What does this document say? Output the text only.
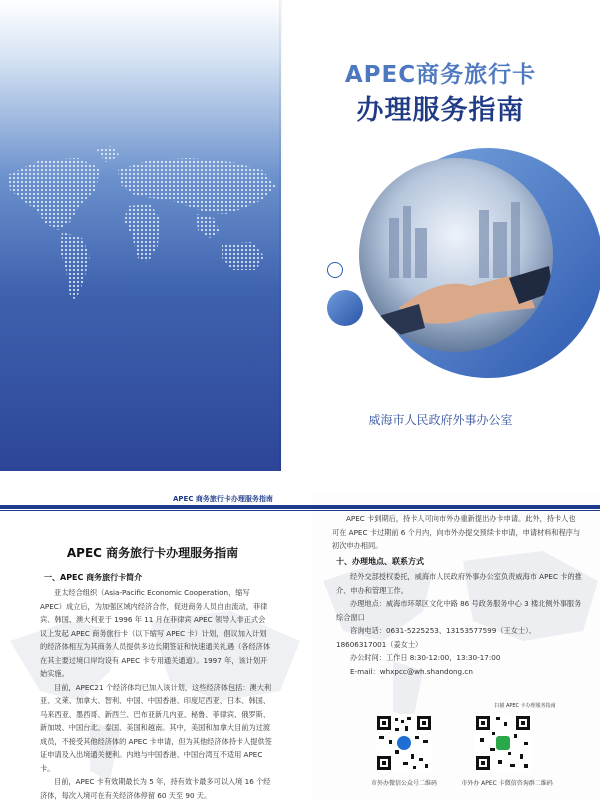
APEC商务旅行卡
办理服务指南
威海市人民政府外事办公室
APEC 商务旅行卡办理服务指南
APEC 商务旅行卡办理服务指南
一、APEC 商务旅行卡简介
亚太经合组织（Asia-Pacific Economic Cooperation，缩写 APEC）成立后，为加强区域内经济合作，促进商务人员自由流动，菲律宾、韩国、澳大利亚于 1996 年 11 月在菲律宾 APEC 领导人非正式会议上发起 APEC 商务旅行卡（以下缩写 APEC 卡）计划，倡议加入计划的经济体相互为其商务人员提供多边长期签证和快速通关礼遇（各经济体在其主要过境口岸均设有 APEC 卡专用通关通道）。1997 年，该计划开始实施。
目前，APEC21 个经济体均已加入该计划，这些经济体包括：澳大利亚、文莱、加拿大、智利、中国、中国香港、印度尼西亚、日本、韩国、马来西亚、墨西哥、新西兰、巴布亚新几内亚、秘鲁、菲律宾、俄罗斯、新加坡、中国台北、泰国、美国和越南。其中，美国和加拿大目前为过渡成员，不接受其他经济体的 APEC 卡申请，但为其他经济体持卡人提供签证申请及入出境通关便利。内地与中国香港、中国台湾互不适用 APEC 卡。
目前，APEC 卡有效期最长为 5 年，持有效卡最多可以入境 16 个经济体，每次入境可在有关经济体停留 60 天至 90 天。
APEC 卡到期后，持卡人可向市外办重新提出办卡申请。此外，持卡人也可在 APEC 卡过期前 6 个月内，向市外办提交预续卡申请，申请材料和程序与初次申办相同。
十、办理地点、联系方式
经外交部授权委托，威海市人民政府外事办公室负责威海市 APEC 卡的推介、申办和管理工作。
办理地点：威海市环翠区文化中路 86 号政务服务中心 3 楼北侧外事服务综合窗口
咨询电话：0631-5225253、13153577599（王女士）、18606317001（姜女士）
办公时间：工作日 8:30-12:00，13:30-17:00
E-mail：whxpcc@wh.shandong.cn
扫描 APEC 卡办理服务指南
市外办微信公众号二维码	市外办 APEC 卡微信咨询群二维码
